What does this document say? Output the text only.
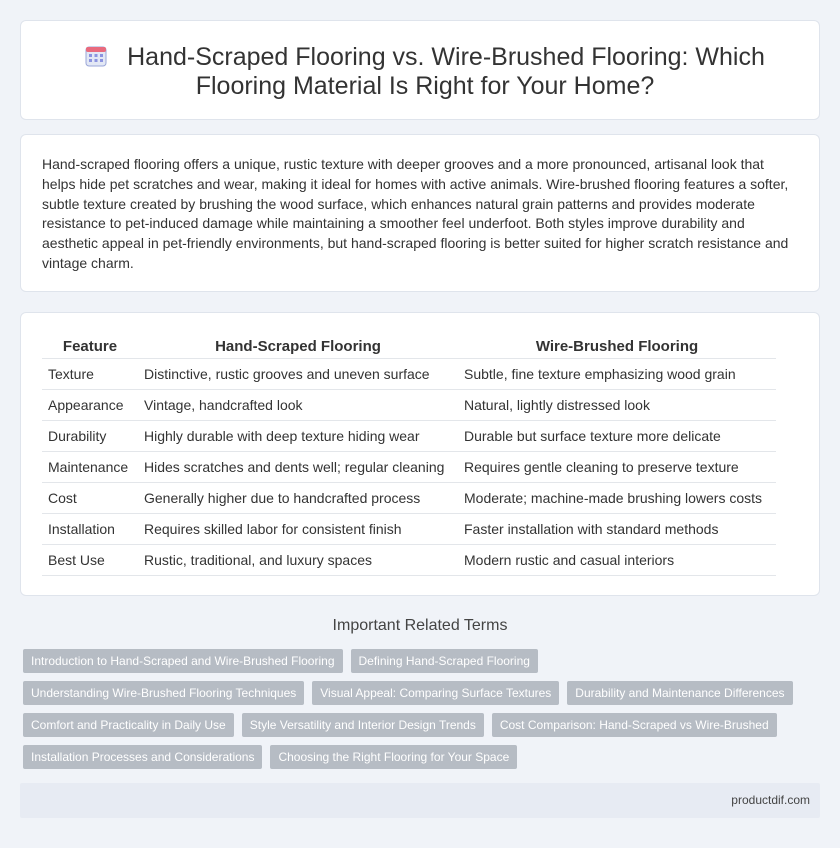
Hand-Scraped Flooring vs. Wire-Brushed Flooring: Which Flooring Material Is Right for Your Home?

Hand-scraped flooring offers a unique, rustic texture with deeper grooves and a more pronounced, artisanal look that helps hide pet scratches and wear, making it ideal for homes with active animals. Wire-brushed flooring features a softer, subtle texture created by brushing the wood surface, which enhances natural grain patterns and provides moderate resistance to pet-induced damage while maintaining a smoother feel underfoot. Both styles improve durability and aesthetic appeal in pet-friendly environments, but hand-scraped flooring is better suited for higher scratch resistance and vintage charm.

Feature	Hand-Scraped Flooring	Wire-Brushed Flooring
Texture	Distinctive, rustic grooves and uneven surface	Subtle, fine texture emphasizing wood grain
Appearance	Vintage, handcrafted look	Natural, lightly distressed look
Durability	Highly durable with deep texture hiding wear	Durable but surface texture more delicate
Maintenance	Hides scratches and dents well; regular cleaning	Requires gentle cleaning to preserve texture
Cost	Generally higher due to handcrafted process	Moderate; machine-made brushing lowers costs
Installation	Requires skilled labor for consistent finish	Faster installation with standard methods
Best Use	Rustic, traditional, and luxury spaces	Modern rustic and casual interiors
Important Related Terms
Introduction to Hand-Scraped and Wire-Brushed Flooring	Defining Hand-Scraped Flooring
Understanding Wire-Brushed Flooring Techniques	Visual Appeal: Comparing Surface Textures	Durability and Maintenance Differences
Comfort and Practicality in Daily Use	Style Versatility and Interior Design Trends	Cost Comparison: Hand-Scraped vs Wire-Brushed
Installation Processes and Considerations	Choosing the Right Flooring for Your Space
productdif.com
